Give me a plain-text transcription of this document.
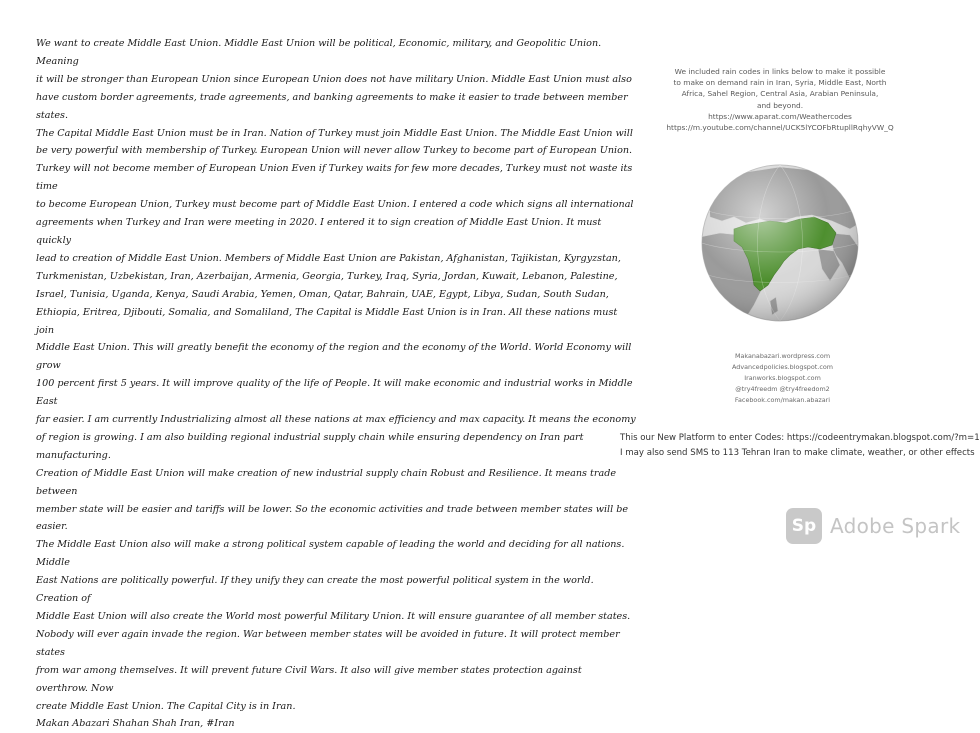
We want to create Middle East Union. Middle East Union will be political, Economic, military, and Geopolitic Union. Meaning
it will be stronger than European Union since European Union does not have military Union. Middle East Union must also
have custom border agreements, trade agreements, and banking agreements to make it easier to trade between member states.
The Capital Middle East Union must be in Iran. Nation of Turkey must join Middle East Union. The Middle East Union will
be very powerful with membership of Turkey. European Union will never allow Turkey to become part of European Union.
Turkey will not become member of European Union Even if Turkey waits for few more decades, Turkey must not waste its time
to become European Union, Turkey must become part of Middle East Union. I entered a code which signs all international
agreements when Turkey and Iran were meeting in 2020. I entered it to sign creation of Middle East Union. It must quickly
lead to creation of Middle East Union. Members of Middle East Union are Pakistan, Afghanistan, Tajikistan, Kyrgyzstan,
Turkmenistan, Uzbekistan, Iran, Azerbaijan, Armenia, Georgia, Turkey, Iraq, Syria, Jordan, Kuwait, Lebanon, Palestine,
Israel, Tunisia, Uganda, Kenya, Saudi Arabia, Yemen, Oman, Qatar, Bahrain, UAE, Egypt, Libya, Sudan, South Sudan,
Ethiopia, Eritrea, Djibouti, Somalia, and Somaliland, The Capital is Middle East Union is in Iran. All these nations must join
Middle East Union. This will greatly benefit the economy of the region and the economy of the World. World Economy will grow
100 percent first 5 years. It will improve quality of the life of People. It will make economic and industrial works in Middle East
far easier. I am currently Industrializing almost all these nations at max efficiency and max capacity. It means the economy
of region is growing. I am also building regional industrial supply chain while ensuring dependency on Iran part manufacturing.
Creation of Middle East Union will make creation of new industrial supply chain Robust and Resilience. It means trade between
member state will be easier and tariffs will be lower. So the economic activities and trade between member states will be easier.
The Middle East Union also will make a strong political system capable of leading the world and deciding for all nations. Middle
East Nations are politically powerful. If they unify they can create the most powerful political system in the world. Creation of
Middle East Union will also create the World most powerful Military Union. It will ensure guarantee of all member states.
Nobody will ever again invade the region. War between member states will be avoided in future. It will protect member states
from war among themselves. It will prevent future Civil Wars. It also will give member states protection against overthrow. Now
create Middle East Union. The Capital City is in Iran.
Makan Abazari Shahan Shah Iran, #Iran
We included rain codes in links below to make it possible
to make on demand rain in Iran, Syria, Middle East, North
Africa, Sahel Region, Central Asia, Arabian Peninsula,
and beyond.
https://www.aparat.com/Weathercodes
https://m.youtube.com/channel/UCK5lYCOFbRtupllRqhyVW_Q
Makanabazari.wordpress.com
Advancedpolicies.blogspot.com
Iranworks.blogspot.com
@try4freedm @try4freedom2
Facebook.com/makan.abazari
This our New Platform to enter Codes: https://codeentrymakan.blogspot.com/?m=1
I may also send SMS to 113 Tehran Iran to make climate, weather, or other effects
Sp Adobe Spark
